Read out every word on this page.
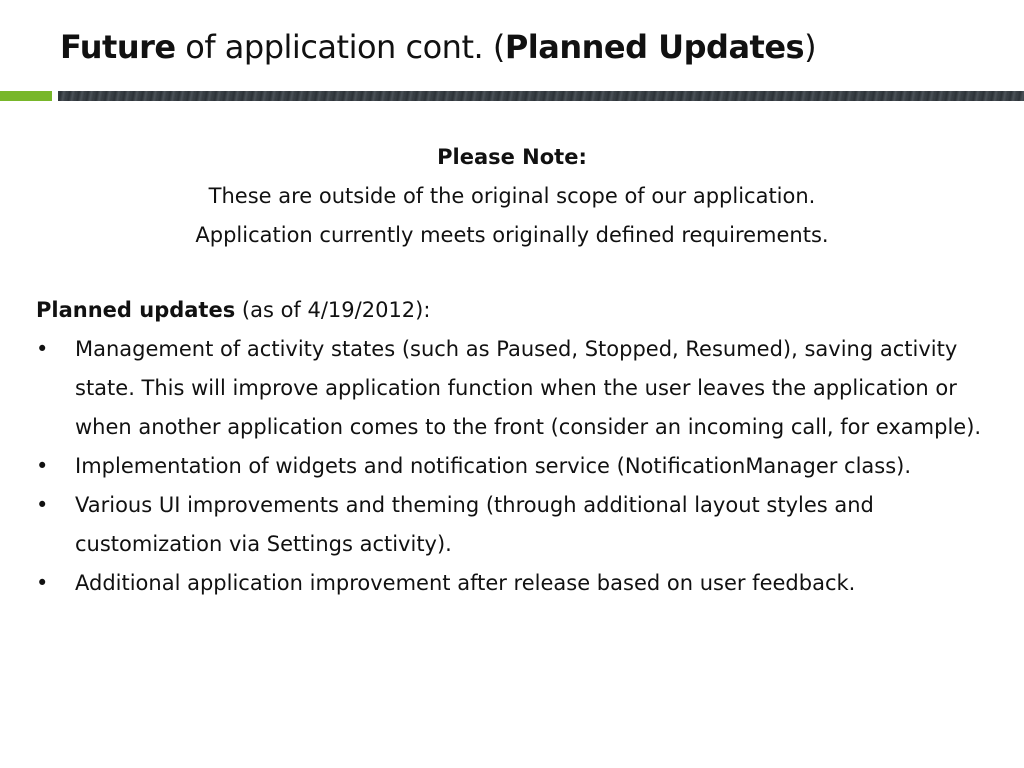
Future of application cont. (Planned Updates)
Please Note:
These are outside of the original scope of our application.
Application currently meets originally defined requirements.
Planned updates (as of 4/19/2012):
• Management of activity states (such as Paused, Stopped, Resumed), saving activity state. This will improve application function when the user leaves the application or when another application comes to the front (consider an incoming call, for example).
• Implementation of widgets and notification service (NotificationManager class).
• Various UI improvements and theming (through additional layout styles and customization via Settings activity).
• Additional application improvement after release based on user feedback.
